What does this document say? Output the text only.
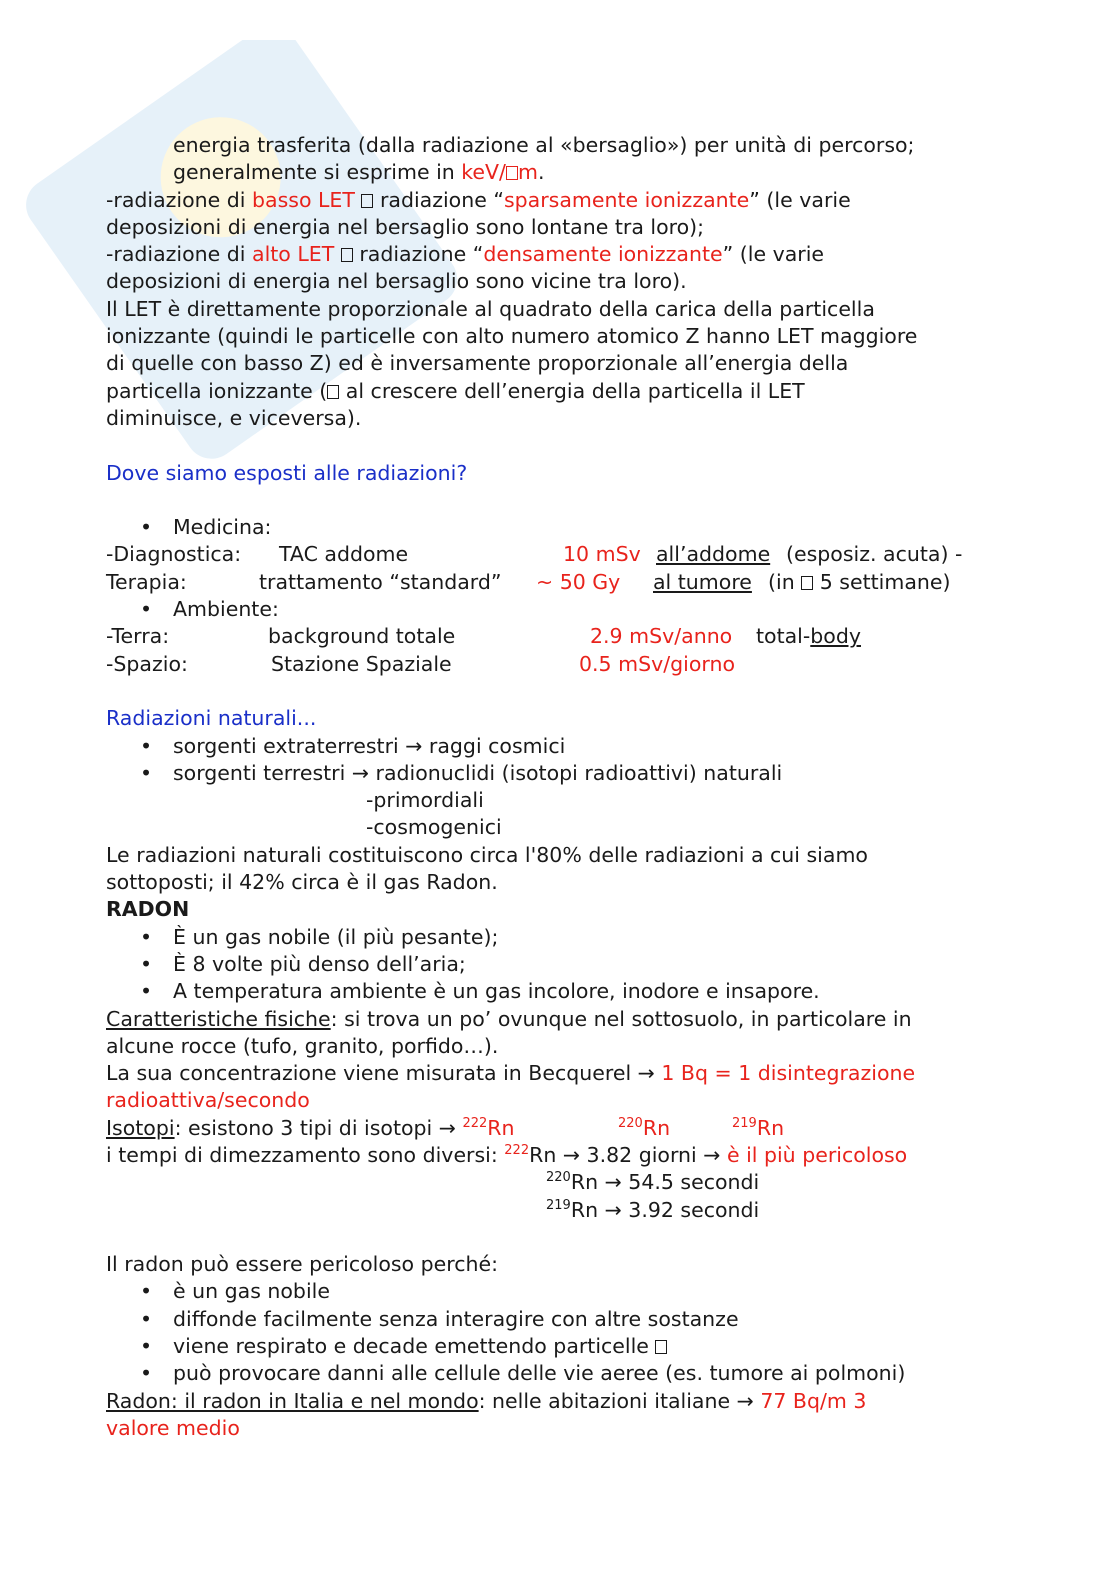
energia trasferita (dalla radiazione al «bersaglio») per unità di percorso;
generalmente si esprime in keV/ m.
-radiazione di basso LET  radiazione “sparsamente ionizzante” (le varie
deposizioni di energia nel bersaglio sono lontane tra loro);
-radiazione di alto LET  radiazione “densamente ionizzante” (le varie
deposizioni di energia nel bersaglio sono vicine tra loro).
Il LET è direttamente proporzionale al quadrato della carica della particella
ionizzante (quindi le particelle con alto numero atomico Z hanno LET maggiore
di quelle con basso Z) ed è inversamente proporzionale all’energia della
particella ionizzante ( al crescere dell’energia della particella il LET
diminuisce, e viceversa).
Dove siamo esposti alle radiazioni?
• Medicina:
-Diagnostica: TAC addome	10 mSv all’addome (esposiz. acuta) -
Terapia:	trattamento “standard” ~ 50 Gy al tumore (in 5 settimane)
• Ambiente:
-Terra:	background totale	2.9 mSv/anno total-body
-Spazio:	Stazione Spaziale	0.5 mSv/giorno
Radiazioni naturali...
• sorgenti extraterrestri → raggi cosmici
• sorgenti terrestri → radionuclidi (isotopi radioattivi) naturali
-primordiali
-cosmogenici
Le radiazioni naturali costituiscono circa l'80% delle radiazioni a cui siamo
sottoposti; il 42% circa è il gas Radon.
RADON
• È un gas nobile (il più pesante);
• È 8 volte più denso dell’aria;
• A temperatura ambiente è un gas incolore, inodore e insapore.
Caratteristiche fisiche: si trova un po’ ovunque nel sottosuolo, in particolare in
alcune rocce (tufo, granito, porfido…).
La sua concentrazione viene misurata in Becquerel → 1 Bq = 1 disintegrazione
radioattiva/secondo
Isotopi: esistono 3 tipi di isotopi → $^{222}$Rn	$^{220}$Rn	$^{219}$Rn
i tempi di dimezzamento sono diversi: $^{222}$Rn → 3.82 giorni → è il più pericoloso
$^{220}$Rn → 54.5 secondi
$^{219}$Rn → 3.92 secondi
Il radon può essere pericoloso perché:
• è un gas nobile
• diffonde facilmente senza interagire con altre sostanze
• viene respirato e decade emettendo particelle
• può provocare danni alle cellule delle vie aeree (es. tumore ai polmoni)
Radon: il radon in Italia e nel mondo: nelle abitazioni italiane → 77 Bq/m 3
valore medio
